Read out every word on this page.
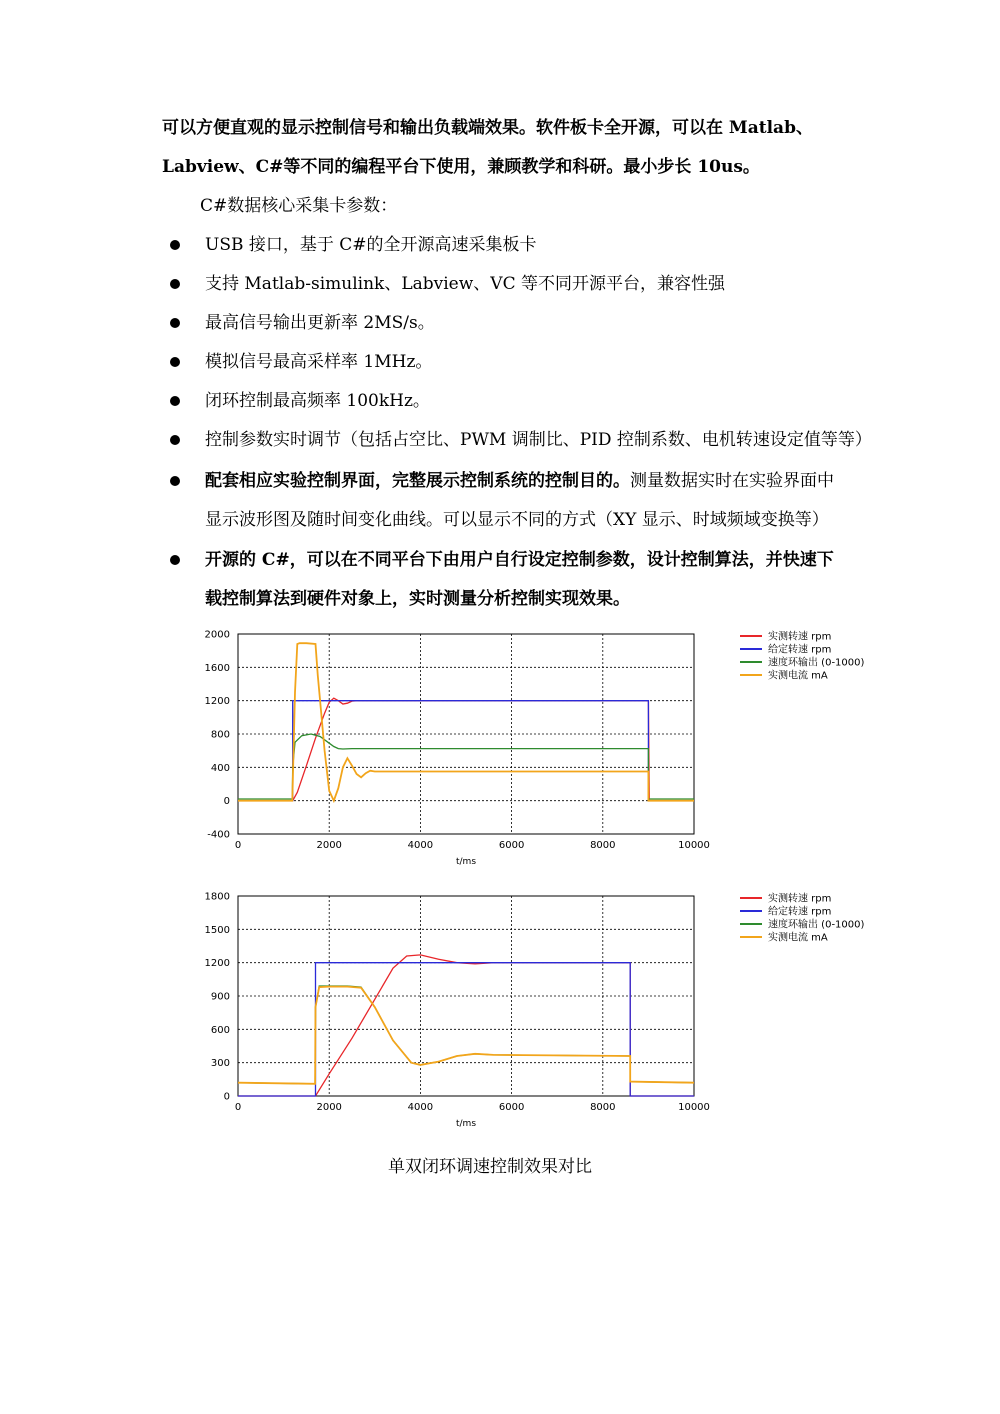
可以方便直观的显示控制信号和输出负载端效果。软件板卡全开源，可以在 Matlab、
Labview、C#等不同的编程平台下使用，兼顾教学和科研。最小步长 10us。
C#数据核心采集卡参数：
USB 接口，基于 C#的全开源高速采集板卡
支持 Matlab-simulink、Labview、VC 等不同开源平台，兼容性强
最高信号输出更新率 2MS/s。
模拟信号最高采样率 1MHz。
闭环控制最高频率 100kHz。
控制参数实时调节（包括占空比、PWM 调制比、PID 控制系数、电机转速设定值等等）
配套相应实验控制界面，完整展示控制系统的控制目的。测量数据实时在实验界面中
显示波形图及随时间变化曲线。可以显示不同的方式（XY 显示、时域频域变换等）
开源的 C#，可以在不同平台下由用户自行设定控制参数，设计控制算法，并快速下
载控制算法到硬件对象上，实时测量分析控制实现效果。
0	2000	4000	6000	8000	10000
-400
0
400
800
1200
1600
2000
t/ms
实测转速 rpm
给定转速 rpm
速度环输出 (0-1000)
实测电流 mA
0	2000	4000	6000	8000	10000
0
300
600
900
1200
1500
1800
t/ms
实测转速 rpm
给定转速 rpm
速度环输出 (0-1000)
实测电流 mA
单双闭环调速控制效果对比
